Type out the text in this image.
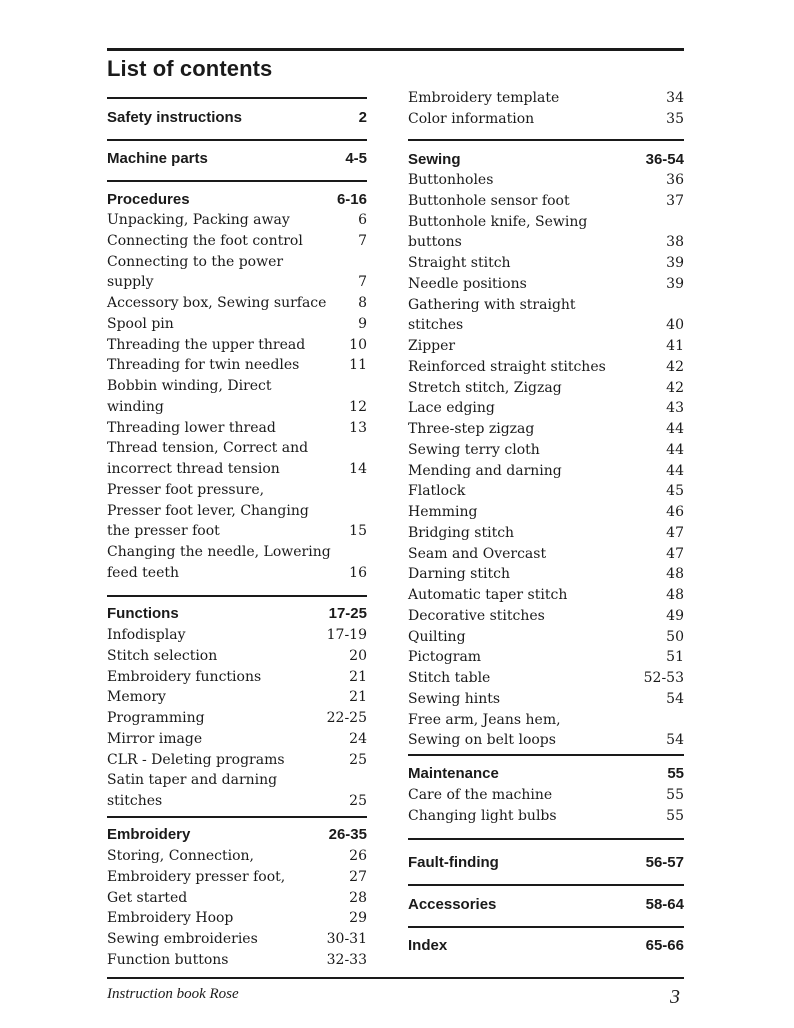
List of contents
Safety instructions	2
Machine parts	4-5
Procedures	6-16
Unpacking, Packing away	6
Connecting the foot control	7
Connecting to the power
supply	7
Accessory box, Sewing surface	8
Spool pin	9
Threading the upper thread	10
Threading for twin needles	11
Bobbin winding, Direct
winding	12
Threading lower thread	13
Thread tension, Correct and
incorrect thread tension	14
Presser foot pressure,
Presser foot lever, Changing
the presser foot	15
Changing the needle, Lowering
feed teeth	16
Functions	17-25
Infodisplay	17-19
Stitch selection	20
Embroidery functions	21
Memory	21
Programming	22-25
Mirror image	24
CLR - Deleting programs	25
Satin taper and darning
stitches	25
Embroidery	26-35
Storing, Connection,	26
Embroidery presser foot,	27
Get started	28
Embroidery Hoop	29
Sewing embroideries	30-31
Function buttons	32-33
Embroidery template	34
Color information	35
Sewing	36-54
Buttonholes	36
Buttonhole sensor foot	37
Buttonhole knife, Sewing
buttons	38
Straight stitch	39
Needle positions	39
Gathering with straight
stitches	40
Zipper	41
Reinforced straight stitches	42
Stretch stitch, Zigzag	42
Lace edging	43
Three-step zigzag	44
Sewing terry cloth	44
Mending and darning	44
Flatlock	45
Hemming	46
Bridging stitch	47
Seam and Overcast	47
Darning stitch	48
Automatic taper stitch	48
Decorative stitches	49
Quilting	50
Pictogram	51
Stitch table	52-53
Sewing hints	54
Free arm, Jeans hem,
Sewing on belt loops	54
Maintenance	55
Care of the machine	55
Changing light bulbs	55
Fault-finding	56-57
Accessories	58-64
Index	65-66
Instruction book Rose	3
